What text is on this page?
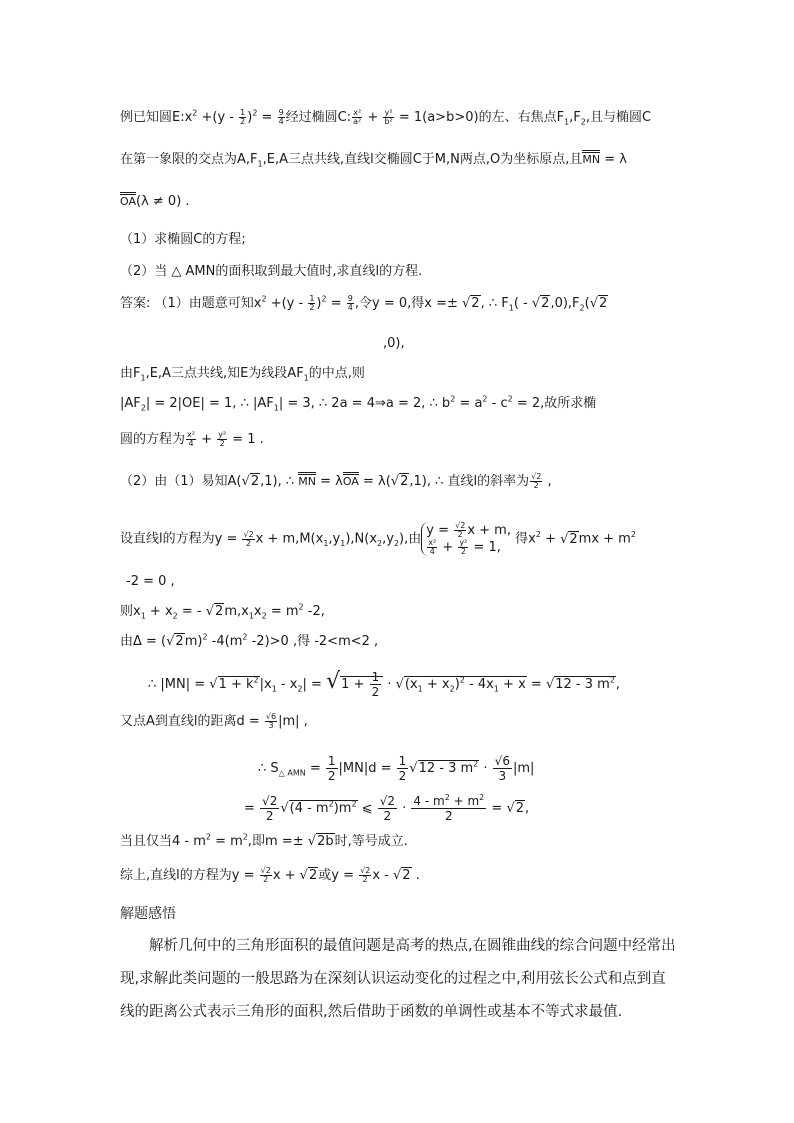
例已知圆$E:x^2 +(y - \frac{1}{2} )^2 = \frac{9}{4}$ 经过椭圆C: $\frac{\text{x²}}{\text{a²}} + \frac{\text{y²}}{\text{b²}} = 1(a>b>0)$的左、右焦点$F_1,F_2$,且与椭圆C
在第一象限的交点为$A,F_1,E,A$三点共线,直线l交椭圆C于M,N两点,O为坐标原点,且MN = λ
OA(λ ≠ 0) .
（1）求椭圆C的方程;
（2）当 △ AMN的面积取到最大值时,求直线l的方程.
答案: （1）由题意可知$x^2 +(y - \frac{1}{2} )^2 = \frac{9}{4}$ ,令y = 0,得x =± √2, ∴ $F_1( - √2,0),F_2(√2$
,0),
由$F_1,E,A$三点共线,知E为线段$AF_1$的中点,则
$|AF_2| = 2|OE| = 1$, ∴ $|AF_1| = 3$, ∴ 2a = 4⇒a = 2, ∴ $b^2 = a^2 - c^2 = 2$,故所求椭
圆的方程为 $\frac{\text{x²}}{4} + \frac{\text{y²}}{2} = 1$ .
（2）由（1）易知A(√2,1), ∴ MN = λOA = λ(√2,1), ∴ 直线l的斜率为 $\frac{√2}{2}$ ,
设直线l的方程为$y = \frac{√2}{2}$ $x + m,M(x_1,y_1),N(x_2,y_2)$,由
$y = \frac{√2}{2}$ x + m,
$\frac{\text{x²}}{4} + \frac{\text{y²}}{2} = 1$,
得$x^2 + √2mx + m^2$
-2 = 0 ,
则$x_1 + x_2$ = - $√2m,x_1x_2 = m^2$ -2,
由$\Delta = (√2m)^2$ $-4(m^2$ -2)>0 ,得 -2<m<2 ,
∴ $|MN| = √1 + k^2|x_1 - x_2| = √1 + \frac{1}{2} \cdot √(x_1 + x_2)^2 - 4x_1 + x = √12 - 3$ $m^2$,
又点A到直线l的距离$d = \frac{√6}{3} |m|$ ,
∴ $S_{\triangle AMN} = \frac{1}{2} |MN|d = \frac{1}{2} √12 - 3$ $m^2 \cdot \frac{√6}{3} |m|$
= $\frac{√2}{2} √(4 - m^2)m^2$ ⩽ $\frac{√2}{2} \cdot \frac{4 - m^2 + m^2}{2} = √2$,
当且仅当$4 - m^2 = m^2$,即m =± √2b时,等号成立.
综上,直线l的方程为$y = \frac{√2}{2}$ x + √2或$y = \frac{√2}{2}$ x - √2 .
解题感悟
解析几何中的三角形面积的最值问题是高考的热点,在圆锥曲线的综合问题中经常出现,求解此类问题的一般思路为在深刻认识运动变化的过程之中,利用弦长公式和点到直线的距离公式表示三角形的面积,然后借助于函数的单调性或基本不等式求最值.
